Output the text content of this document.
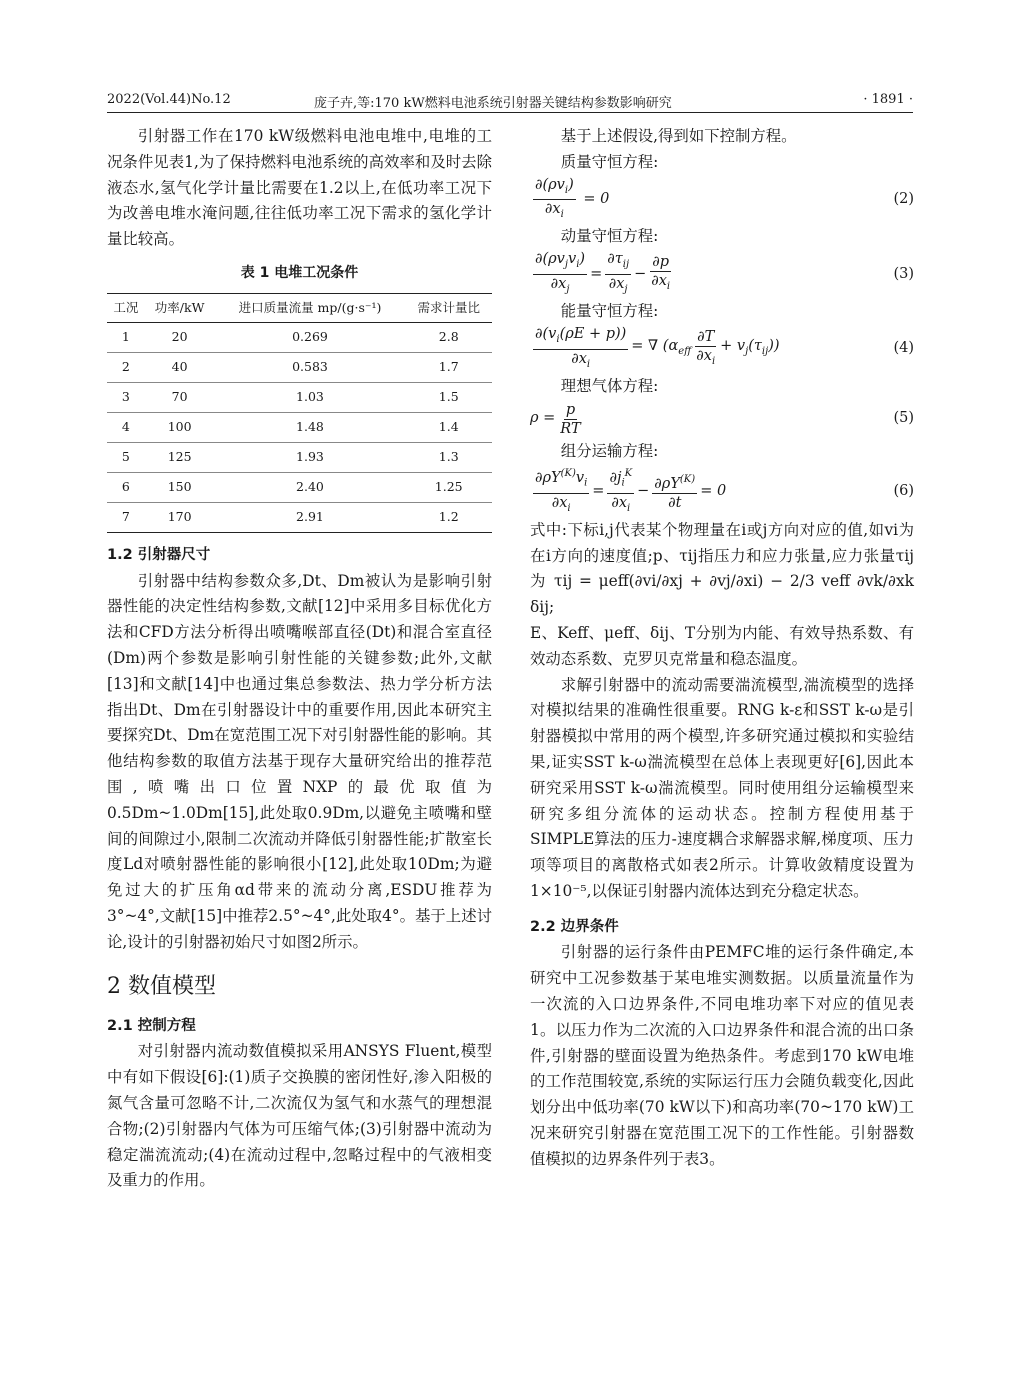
2022(Vol.44)No.12	庞子卉,等:170 kW燃料电池系统引射器关键结构参数影响研究	· 1891 ·

引射器工作在170 kW级燃料电池电堆中,电堆的工况条件见表1,为了保持燃料电池系统的高效率和及时去除液态水,氢气化学计量比需要在1.2以上,在低功率工况下为改善电堆水淹问题,往往低功率工况下需求的氢化学计量比较高。

表 1 电堆工况条件
工况	功率/kW	进口质量流量 mp/(g·s⁻¹)	需求计量比
1	20	0.269	2.8
2	40	0.583	1.7
3	70	1.03	1.5
4	100	1.48	1.4
5	125	1.93	1.3
6	150	2.40	1.25
7	170	2.91	1.2
1.2 引射器尺寸

引射器中结构参数众多,Dt、Dm被认为是影响引射器性能的决定性结构参数,文献[12]中采用多目标优化方法和CFD方法分析得出喷嘴喉部直径(Dt)和混合室直径(Dm)两个参数是影响引射性能的关键参数;此外,文献[13]和文献[14]中也通过集总参数法、热力学分析方法指出Dt、Dm在引射器设计中的重要作用,因此本研究主要探究Dt、Dm在宽范围工况下对引射器性能的影响。其他结构参数的取值方法基于现存大量研究给出的推荐范围,喷嘴出口位置NXP的最优取值为0.5Dm~1.0Dm[15],此处取0.9Dm,以避免主喷嘴和壁间的间隙过小,限制二次流动并降低引射器性能;扩散室长度Ld对喷射器性能的影响很小[12],此处取10Dm;为避免过大的扩压角αd带来的流动分离,ESDU推荐为3°~4°,文献[15]中推荐2.5°~4°,此处取4°。基于上述讨论,设计的引射器初始尺寸如图2所示。

2 数值模型
2.1 控制方程

对引射器内流动数值模拟采用ANSYS Fluent,模型中有如下假设[6]:(1)质子交换膜的密闭性好,渗入阳极的氮气含量可忽略不计,二次流仅为氢气和水蒸气的理想混合物;(2)引射器内气体为可压缩气体;(3)引射器中流动为稳定湍流流动;(4)在流动过程中,忽略过程中的气液相变及重力的作用。

基于上述假设,得到如下控制方程。

质量守恒方程:

$\frac{\partial(\rho v_i)}{\partial x_i} = 0$	(2)

动量守恒方程:

$\frac{\partial(\rho v_jv_i)}{\partial x_j} = \frac{\partial\tau_{ij}}{\partial x_j} - \frac{\partial p}{\partial x_i}$	(3)

能量守恒方程:

$\frac{\partial(v_i(\rho E + p))}{\partial x_i}$ = ∇ $(\alpha_{eff} \frac{\partial T}{\partial x_i} + v_j(\tau_{ij}))$	(4)

理想气体方程:

$\rho = \frac{p}{RT}$	(5)

组分运输方程:

$\frac{\partial\rho Y^{(K)}v_i}{\partial x_i} = \frac{\partial j_i^K}{\partial x_i} - \frac{\partial\rho Y^{(K)}}{\partial t} = 0$	(6)

式中:下标i,j代表某个物理量在i或j方向对应的值,如vi为在i方向的速度值;p、τij指压力和应力张量,应力张量τij为 τij = μeff(∂vi/∂xj + ∂vj/∂xi) − 2/3 veff ∂vk/∂xk δij;

E、Keff、μeff、δij、T分别为内能、有效导热系数、有效动态系数、克罗贝克常量和稳态温度。

求解引射器中的流动需要湍流模型,湍流模型的选择对模拟结果的准确性很重要。RNG k-ε和SST k-ω是引射器模拟中常用的两个模型,许多研究通过模拟和实验结果,证实SST k-ω湍流模型在总体上表现更好[6],因此本研究采用SST k-ω湍流模型。同时使用组分运输模型来研究多组分流体的运动状态。控制方程使用基于SIMPLE算法的压力-速度耦合求解器求解,梯度项、压力项等项目的离散格式如表2所示。计算收敛精度设置为1×10⁻⁵,以保证引射器内流体达到充分稳定状态。

2.2 边界条件

引射器的运行条件由PEMFC堆的运行条件确定,本研究中工况参数基于某电堆实测数据。以质量流量作为一次流的入口边界条件,不同电堆功率下对应的值见表1。以压力作为二次流的入口边界条件和混合流的出口条件,引射器的壁面设置为绝热条件。考虑到170 kW电堆的工作范围较宽,系统的实际运行压力会随负载变化,因此划分出中低功率(70 kW以下)和高功率(70~170 kW)工况来研究引射器在宽范围工况下的工作性能。引射器数值模拟的边界条件列于表3。
